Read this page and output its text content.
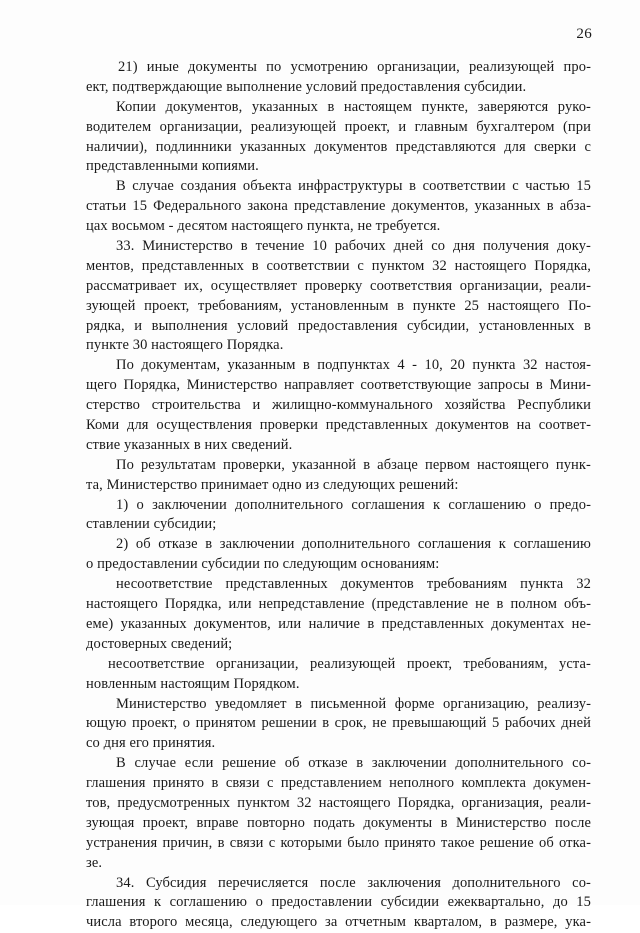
26
21) иные документы по усмотрению организации, реализующей про-
ект, подтверждающие выполнение условий предоставления субсидии.
Копии документов, указанных в настоящем пункте, заверяются руко-
водителем организации, реализующей проект, и главным бухгалтером (при
наличии), подлинники указанных документов представляются для сверки с
представленными копиями.
В случае создания объекта инфраструктуры в соответствии с частью 15
статьи 15 Федерального закона представление документов, указанных в абза-
цах восьмом - десятом настоящего пункта, не требуется.
33. Министерство в течение 10 рабочих дней со дня получения доку-
ментов, представленных в соответствии с пунктом 32 настоящего Порядка,
рассматривает их, осуществляет проверку соответствия организации, реали-
зующей проект, требованиям, установленным в пункте 25 настоящего По-
рядка, и выполнения условий предоставления субсидии, установленных в
пункте 30 настоящего Порядка.
По документам, указанным в подпунктах 4 - 10, 20 пункта 32 настоя-
щего Порядка, Министерство направляет соответствующие запросы в Мини-
стерство строительства и жилищно-коммунального хозяйства Республики
Коми для осуществления проверки представленных документов на соответ-
ствие указанных в них сведений.
По результатам проверки, указанной в абзаце первом настоящего пунк-
та, Министерство принимает одно из следующих решений:
1) о заключении дополнительного соглашения к соглашению о предо-
ставлении субсидии;
2) об отказе в заключении дополнительного соглашения к соглашению
о предоставлении субсидии по следующим основаниям:
несоответствие представленных документов требованиям пункта 32
настоящего Порядка, или непредставление (представление не в полном объ-
еме) указанных документов, или наличие в представленных документах не-
достоверных сведений;
несоответствие организации, реализующей проект, требованиям, уста-
новленным настоящим Порядком.
Министерство уведомляет в письменной форме организацию, реализу-
ющую проект, о принятом решении в срок, не превышающий 5 рабочих дней
со дня его принятия.
В случае если решение об отказе в заключении дополнительного со-
глашения принято в связи с представлением неполного комплекта докумен-
тов, предусмотренных пунктом 32 настоящего Порядка, организация, реали-
зующая проект, вправе повторно подать документы в Министерство после
устранения причин, в связи с которыми было принято такое решение об отка-
зе.
34. Субсидия перечисляется после заключения дополнительного со-
глашения к соглашению о предоставлении субсидии ежеквартально, до 15
числа второго месяца, следующего за отчетным кварталом, в размере, ука-
